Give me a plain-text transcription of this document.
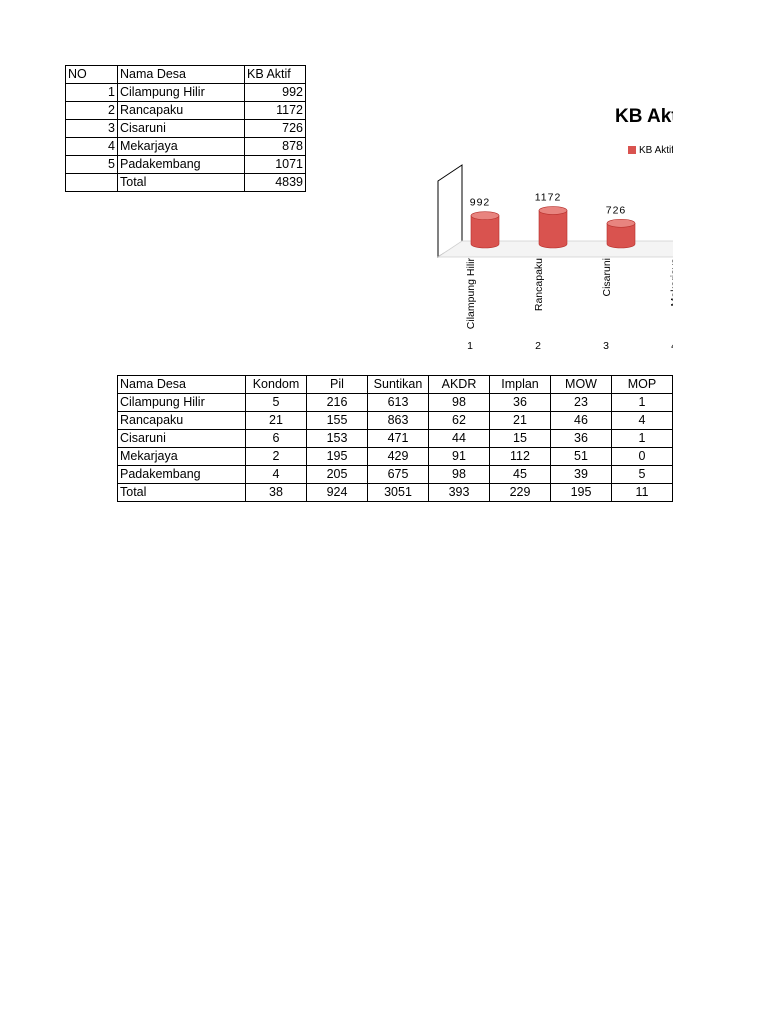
NO	Nama Desa	KB Aktif
1	Cilampung Hilir	992
2	Rancapaku	1172
3	Cisaruni	726
4	Mekarjaya	878
5	Padakembang	1071
	Total	4839
KB Aktif
KB Aktif
992
Cilampung Hilir
1
1172
Rancapaku
2
726
Cisaruni
3
878
Mekarjaya
4
1071
Padakembang
5
Nama Desa	Kondom	Pil	Suntikan	AKDR	Implan	MOW	MOP
Cilampung Hilir	5	216	613	98	36	23	1
Rancapaku	21	155	863	62	21	46	4
Cisaruni	6	153	471	44	15	36	1
Mekarjaya	2	195	429	91	112	51	0
Padakembang	4	205	675	98	45	39	5
Total	38	924	3051	393	229	195	11
